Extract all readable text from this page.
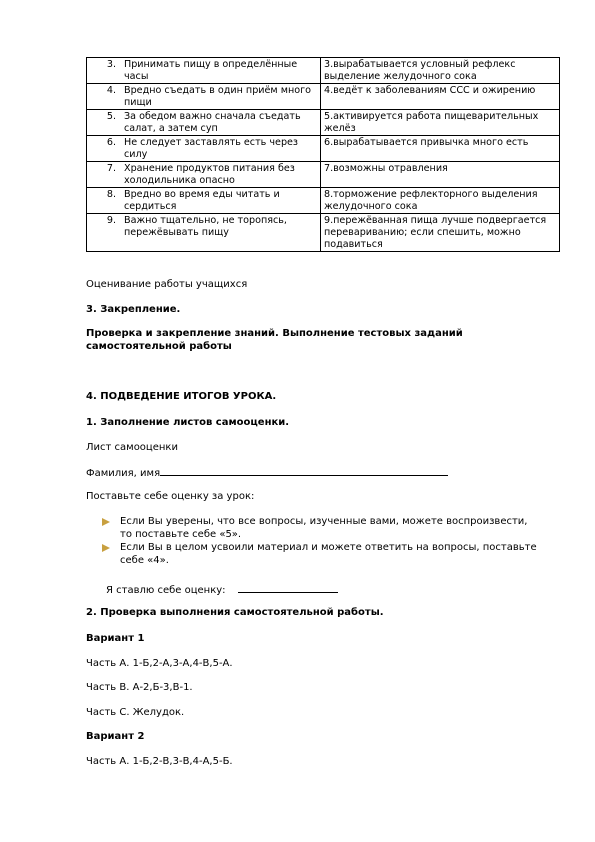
3. Принимать пищу в определённые часы	3.вырабатывается условный рефлекс выделение желудочного сока

4. Вредно съедать в один приём много пищи	4.ведёт к заболеваниям ССС и ожирению

5. За обедом важно сначала съедать салат, а затем суп	5.активируется работа пищеварительных желёз

6. Не следует заставлять есть через силу	6.вырабатывается привычка много есть

7. Хранение продуктов питания без холодильника опасно	7.возможны отравления

8. Вредно во время еды читать и сердиться	8.торможение рефлекторного выделения желудочного сока

9. Важно тщательно, не торопясь, пережёвывать пищу	9.пережёванная пища лучше подвергается перевариванию; если спешить, можно подавиться
Оценивание работы учащихся
3. Закрепление.
Проверка и закрепление знаний. Выполнение тестовых заданий самостоятельной работы
4. ПОДВЕДЕНИЕ ИТОГОВ УРОКА.
1. Заполнение листов самооценки.
Лист самооценки
Фамилия, имя
Поставьте себе оценку за урок:
Если Вы уверены, что все вопросы, изученные вами, можете воспроизвести, то поставьте себе «5».
Если Вы в целом усвоили материал и можете ответить на вопросы, поставьте себе «4».
Я ставлю себе оценку:
2. Проверка выполнения самостоятельной работы.
Вариант 1
Часть А. 1-Б,2-А,3-А,4-В,5-А.
Часть В. А-2,Б-3,В-1.
Часть С. Желудок.
Вариант 2
Часть А. 1-Б,2-В,3-В,4-А,5-Б.
